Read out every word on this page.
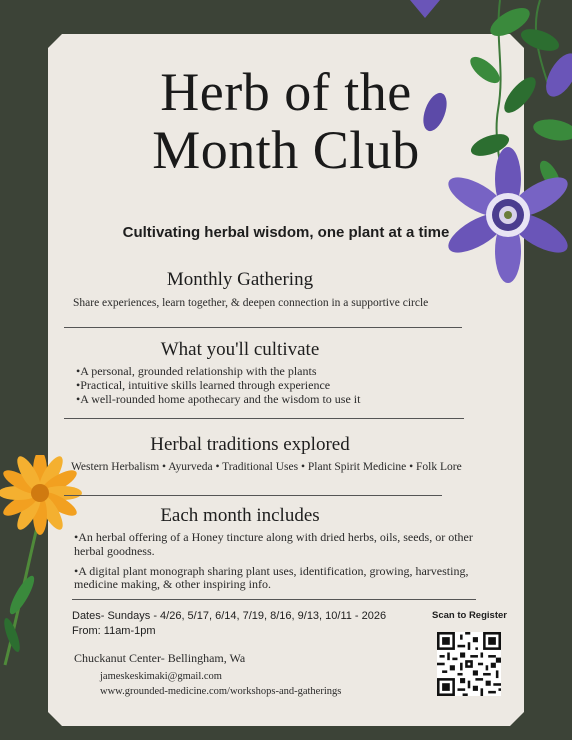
Herb of the
Month Club
Cultivating herbal wisdom, one plant at a time
Monthly Gathering
Share experiences, learn together, & deepen connection in a supportive circle
What you'll cultivate
•A personal, grounded relationship with the plants
•Practical, intuitive skills learned through experience
•A well-rounded home apothecary and the wisdom to use it
Herbal traditions explored
Western Herbalism • Ayurveda • Traditional Uses • Plant Spirit Medicine • Folk Lore
Each month includes
•An herbal offering of a Honey tincture along with dried herbs, oils, seeds, or other
herbal goodness.
•A digital plant monograph sharing plant uses, identification, growing, harvesting,
medicine making, & other inspiring info.
Dates- Sundays - 4/26, 5/17, 6/14, 7/19, 8/16, 9/13, 10/11 - 2026
From: 11am-1pm
Scan to Register
Chuckanut Center- Bellingham, Wa
jameskeskimaki@gmail.com
www.grounded-medicine.com/workshops-and-gatherings
